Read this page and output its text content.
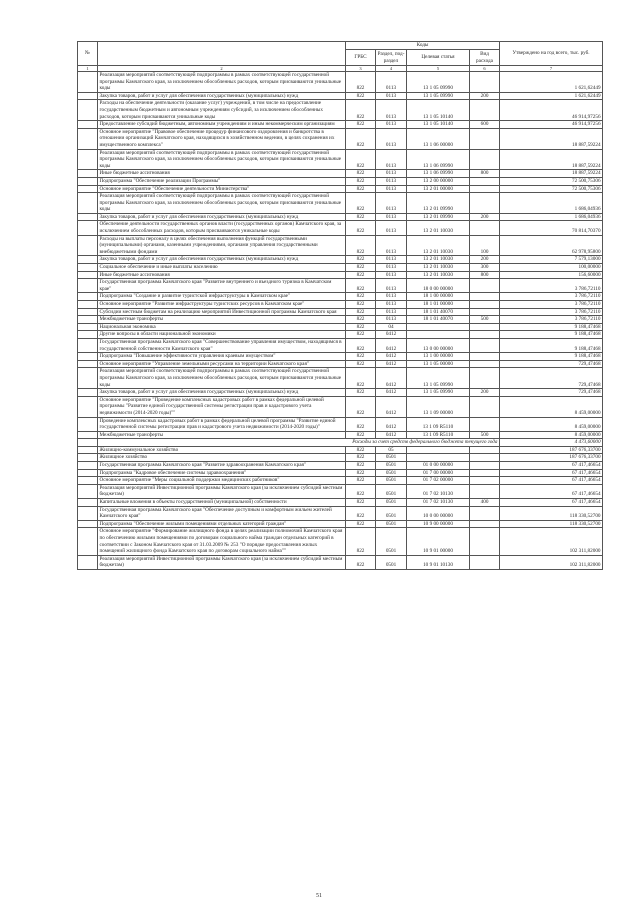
№		Коды				Утверждено на год всего, тыс. руб.
		ГРБС	Раздел, под-раздел	Целевая статья	Вид расхода	
1	2	3	4	5	6	7
	Реализация мероприятий соответствующей подпрограммы в рамках соответствующей государственной программы Камчатского края, за исключением обособленных расходов, которым присваиваются уникальные коды	822	0113	13 1 05 09990		1 621,62449
	Закупка товаров, работ и услуг для обеспечения государственных (муниципальных) нужд	822	0113	13 1 05 09990	200	1 621,62449
	Расходы на обеспечение деятельности (оказание услуг) учреждений, в том числе на предоставление государственным бюджетным и автономным учреждениям субсидий, за исключением обособленных расходов, которым присваиваются уникальные коды	822	0113	13 1 05 10140		46 914,97256
	Предоставление субсидий бюджетным, автономным учреждениям и иным некоммерческим организациям	822	0113	13 1 05 10140	600	46 914,97256
	Основное мероприятие "Правовое обеспечение процедур финансового оздоровления и банкротства в отношении организаций Камчатского края, находящихся в хозяйственном ведении, в целях сохранения их имущественного комплекса"	822	0113	13 1 06 00000		18 887,59224
	Реализация мероприятий соответствующей подпрограммы в рамках соответствующей государственной программы Камчатского края, за исключением обособленных расходов, которым присваиваются уникальные коды	822	0113	13 1 06 09990		18 887,59224
	Иные бюджетные ассигнования	822	0113	13 1 06 09990	800	18 887,59224
	Подпрограмма "Обеспечение реализации Программы"	822	0113	13 2 00 00000		72 500,75306
	Основное мероприятие "Обеспечение деятельности Министерства"	822	0113	13 2 01 00000		72 500,75306
	Реализация мероприятий соответствующей подпрограммы в рамках соответствующей государственной программы Камчатского края, за исключением обособленных расходов, которым присваиваются уникальные коды	822	0113	13 2 01 09990		1 686,04936
	Закупка товаров, работ и услуг для обеспечения государственных (муниципальных) нужд	822	0113	13 2 01 09990	200	1 686,04936
	Обеспечение деятельности государственных органов власти (государственных органов) Камчатского края, за исключением обособленных расходов, которым присваиваются уникальные коды	822	0113	13 2 01 10030		70 814,70370
	Расходы на выплаты персоналу в целях обеспечения выполнения функций государственными (муниципальными) органами, казенными учреждениями, органами управления государственными внебюджетными фондами	822	0113	13 2 01 10030	100	62 978,95800
	Закупка товаров, работ и услуг для обеспечения государственных (муниципальных) нужд	822	0113	13 2 01 10030	200	7 579,13000
	Социальное обеспечение и иные выплаты населению	822	0113	13 2 01 10030	300	100,00000
	Иные бюджетные ассигнования	822	0113	13 2 01 10030	800	156,60000
	Государственная программа Камчатского края "Развитие внутреннего и въездного туризма в Камчатском крае"	822	0113	18 0 00 00000		3 786,72110
	Подпрограмма "Создание и развитие туристской инфраструктуры в Камчатском крае"	822	0113	18 1 00 00000		3 786,72110
	Основное мероприятие "Развитие инфраструктуры туристских ресурсов в Камчатском крае"	822	0113	18 1 01 00000		3 786,72110
	Субсидии местным бюджетам на реализацию мероприятий Инвестиционной программы Камчатского края	822	0113	18 1 01 40070		3 786,72110
	Межбюджетные трансферты	822	0113	18 1 01 40070	500	3 786,72110
	Национальная экономика	822	04			9 188,47468
	Другие вопросы в области национальной экономики	822	0412			9 188,47468
	Государственная программа Камчатского края "Совершенствование управления имуществом, находящимся в государственной собственности Камчатского края"	822	0412	13 0 00 00000		9 188,47468
	Подпрограмма "Повышение эффективности управления краевым имуществом"	822	0412	13 1 00 00000		9 188,47468
	Основное мероприятие "Управление земельными ресурсами на территории Камчатского края"	822	0412	13 1 05 00000		729,47468
	Реализация мероприятий соответствующей подпрограммы в рамках соответствующей государственной программы Камчатского края, за исключением обособленных расходов, которым присваиваются уникальные коды	822	0412	13 1 05 09990		729,47468
	Закупка товаров, работ и услуг для обеспечения государственных (муниципальных) нужд	822	0412	13 1 05 09990	200	729,47468
	Основное мероприятие "Проведение комплексных кадастровых работ в рамках федеральной целевой программы "Развитие единой государственной системы регистрации прав и кадастрового учета недвижимости (2014-2020 годы)""	822	0412	13 1 09 00000		8 459,00000
	Проведение комплексных кадастровых работ в рамках федеральной целевой программы "Развитие единой государственной системы регистрации прав и кадастрового учета недвижимости (2014-2020 годы)"	822	0412	13 1 09 R5110		8 459,00000
	Межбюджетные трансферты	822	0412	13 1 09 R5110	500	8 459,00000
	Расходы за счет средств федерального бюджета текущего года					4 473,60000
	Жилищно-коммунальное хозяйство	822	05			187 676,33700
	Жилищное хозяйство	822	0501			187 676,33700
	Государственная программа Камчатского края "Развитие здравоохранения Камчатского края"	822	0501	01 0 00 00000		67 417,46654
	Подпрограмма "Кадровое обеспечение системы здравоохранения"	822	0501	01 7 00 00000		67 417,46654
	Основное мероприятие "Меры социальной поддержки медицинских работников"	822	0501	01 7 02 00000		67 417,46654
	Реализация мероприятий Инвестиционной программы Камчатского края (за исключением субсидий местным бюджетам)	822	0501	01 7 02 10130		67 417,46654
	Капитальные вложения в объекты государственной (муниципальной) собственности	822	0501	01 7 02 10130	400	67 417,46654
	Государственная программа Камчатского края "Обеспечение доступным и комфортным жильем жителей Камчатского края"	822	0501	10 0 00 00000		118 330,52700
	Подпрограмма "Обеспечение жилыми помещениями отдельных категорий граждан"	822	0501	10 9 00 00000		118 330,52700
	Основное мероприятие "Формирование жилищного фонда в целях реализации полномочий Камчатского края по обеспечению жилыми помещениями по договорам социального найма граждан отдельных категорий в соответствии с Законом Камчатского края от 31.03.2009 № 253 "О порядке предоставления жилых помещений жилищного фонда Камчатского края по договорам социального найма""	822	0501	10 9 01 00000		102 311,82000
	Реализация мероприятий Инвестиционной программы Камчатского края (за исключением субсидий местным бюджетам)	822	0501	10 9 01 10130		102 311,82000
51
